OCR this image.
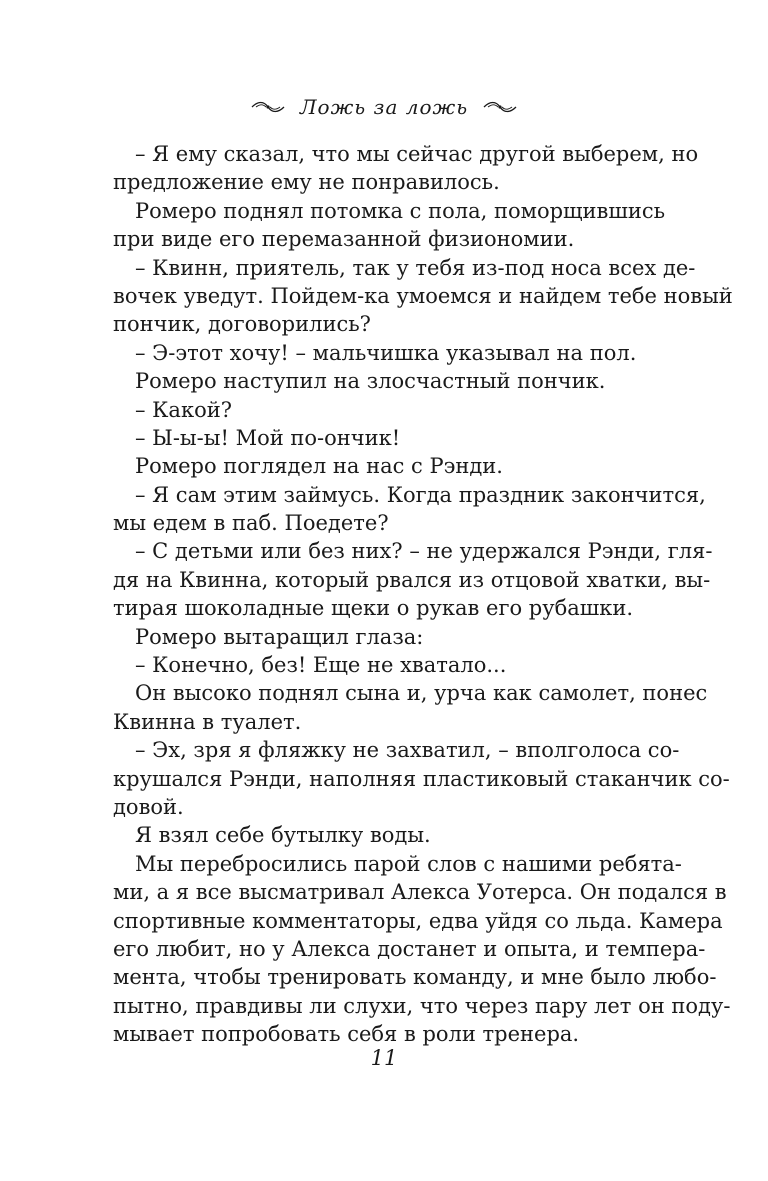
Ложь за ложь
– Я ему сказал, что мы сейчас другой выберем, но
предложение ему не понравилось.
Ромеро поднял потомка с пола, поморщившись
при виде его перемазанной физиономии.
– Квинн, приятель, так у тебя из-под носа всех де-
вочек уведут. Пойдем-ка умоемся и найдем тебе новый
пончик, договорились?
– Э-этот хочу! – мальчишка указывал на пол.
Ромеро наступил на злосчастный пончик.
– Какой?
– Ы-ы-ы! Мой по-ончик!
Ромеро поглядел на нас с Рэнди.
– Я сам этим займусь. Когда праздник закончится,
мы едем в паб. Поедете?
– С детьми или без них? – не удержался Рэнди, гля-
дя на Квинна, который рвался из отцовой хватки, вы-
тирая шоколадные щеки о рукав его рубашки.
Ромеро вытаращил глаза:
– Конечно, без! Еще не хватало...
Он высоко поднял сына и, урча как самолет, понес
Квинна в туалет.
– Эх, зря я фляжку не захватил, – вполголоса со-
крушался Рэнди, наполняя пластиковый стаканчик со-
довой.
Я взял себе бутылку воды.
Мы перебросились парой слов с нашими ребята-
ми, а я все высматривал Алекса Уотерса. Он подался в
спортивные комментаторы, едва уйдя со льда. Камера
его любит, но у Алекса достанет и опыта, и темпера-
мента, чтобы тренировать команду, и мне было любо-
пытно, правдивы ли слухи, что через пару лет он поду-
мывает попробовать себя в роли тренера.
11
